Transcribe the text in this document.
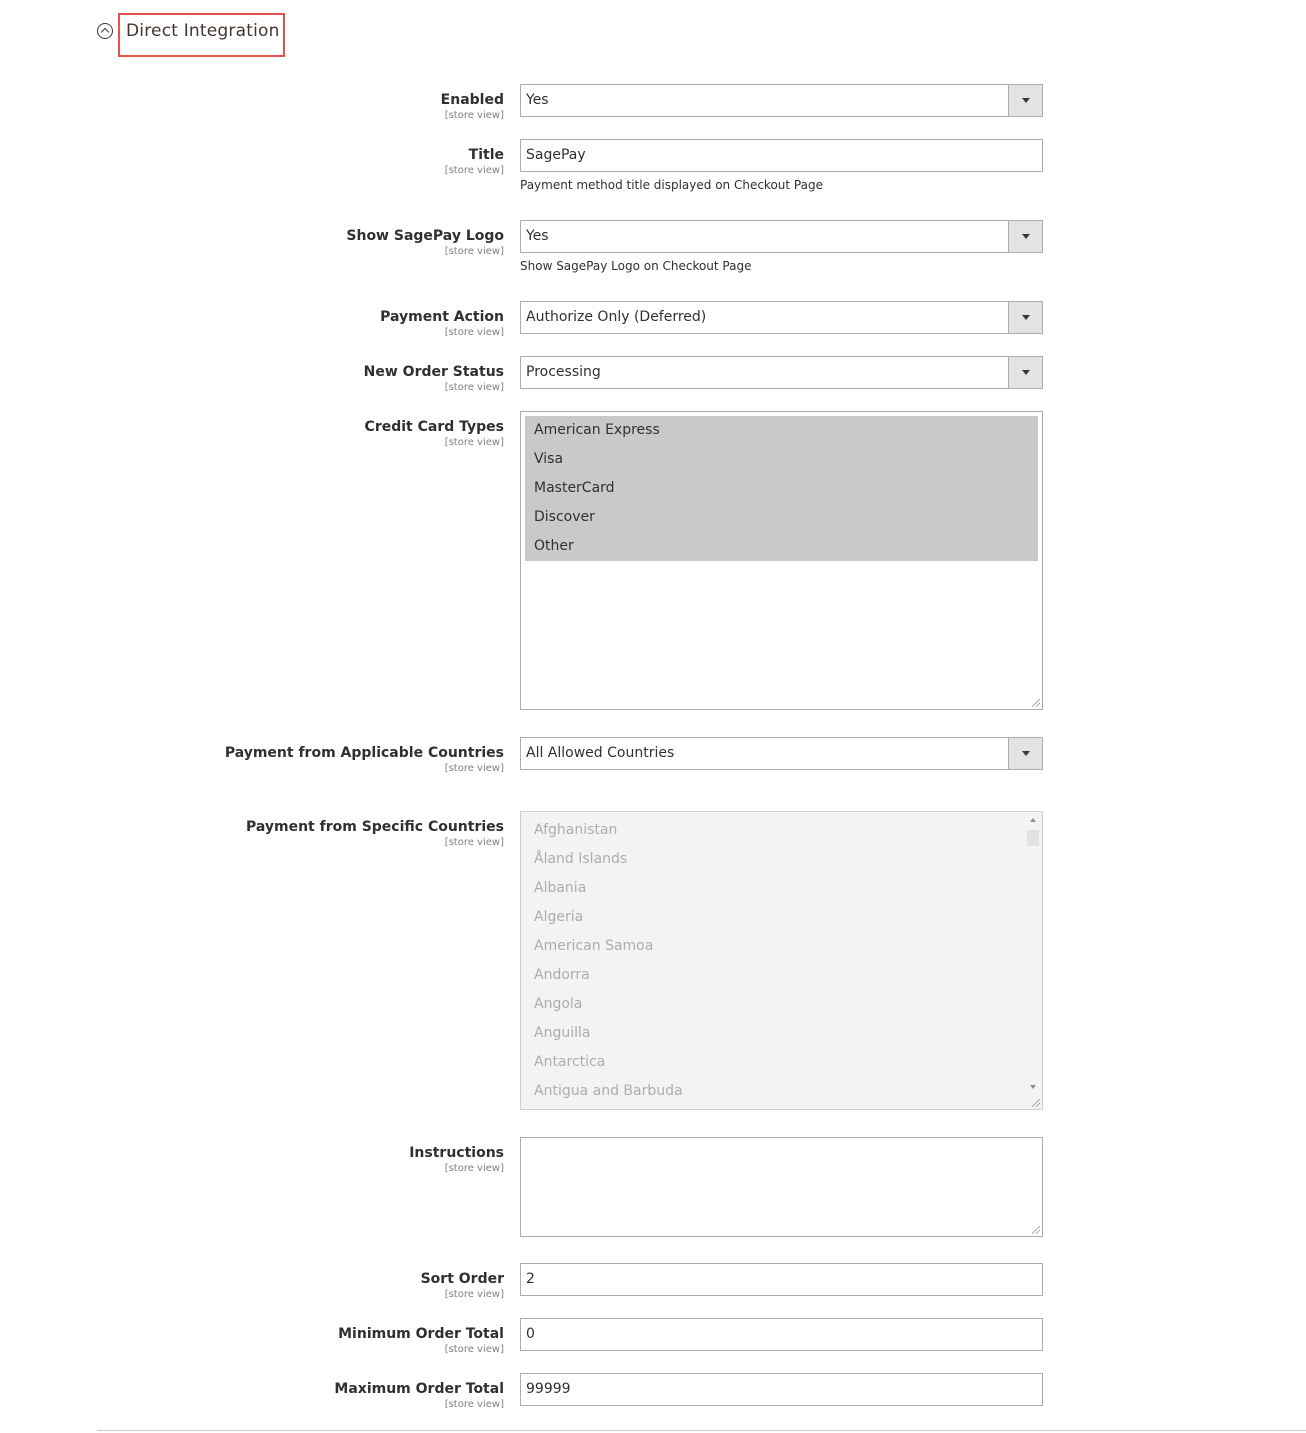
Direct Integration
Enabled
[store view]
Yes
Title
[store view]
SagePay
Payment method title displayed on Checkout Page
Show SagePay Logo
[store view]
Yes
Show SagePay Logo on Checkout Page
Payment Action
[store view]
Authorize Only (Deferred)
New Order Status
[store view]
Processing
Credit Card Types
[store view]
American Express
Visa
MasterCard
Discover
Other
Payment from Applicable Countries
[store view]
All Allowed Countries
Payment from Specific Countries
[store view]
Afghanistan
Åland Islands
Albania
Algeria
American Samoa
Andorra
Angola
Anguilla
Antarctica
Antigua and Barbuda
Instructions
[store view]
Sort Order
[store view]
2
Minimum Order Total
[store view]
0
Maximum Order Total
[store view]
99999
